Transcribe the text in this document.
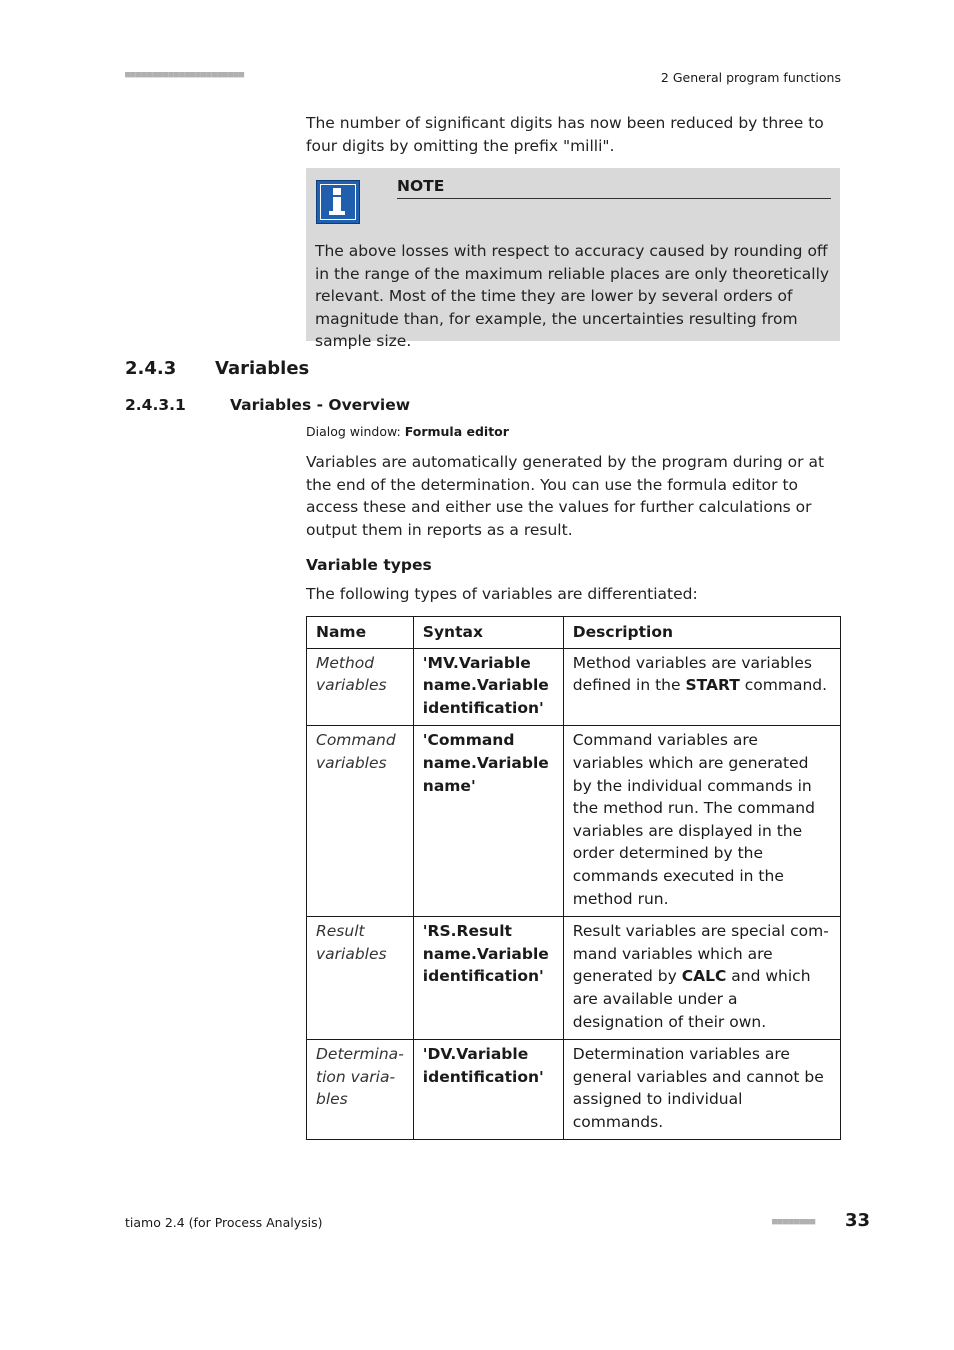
■■■■■■■■■■■■■■■■■■■■■■	2 General program functions
The number of significant digits has now been reduced by three to four digits by omitting the prefix "milli".
NOTE
The above losses with respect to accuracy caused by rounding off in the range of the maximum reliable places are only theoretically relevant. Most of the time they are lower by several orders of magnitude than, for example, the uncertainties resulting from sample size.
2.4.3 Variables
2.4.3.1	Variables - Overview
Dialog window: Formula editor
Variables are automatically generated by the program during or at the end of the determination. You can use the formula editor to access these and either use the values for further calculations or output them in reports as a result.
Variable types
The following types of variables are differentiated:
Name	Syntax	Description
Method variables	'MV.Variable name.Variable identification'	Method variables are variables defined in the START command.
Command variables	'Command name.Variable name'	Command variables are variables which are generated by the individual commands in the method run. The command variables are displayed in the order determined by the commands executed in the method run.
Result variables	'RS.Result name.Variable identification'	Result variables are special command variables which are generated by CALC and which are available under a designation of their own.
Determination variables	'DV.Variable identification'	Determination variables are general variables and cannot be assigned to individual commands.
tiamo 2.4 (for Process Analysis)	■■■■■■■■ 33
